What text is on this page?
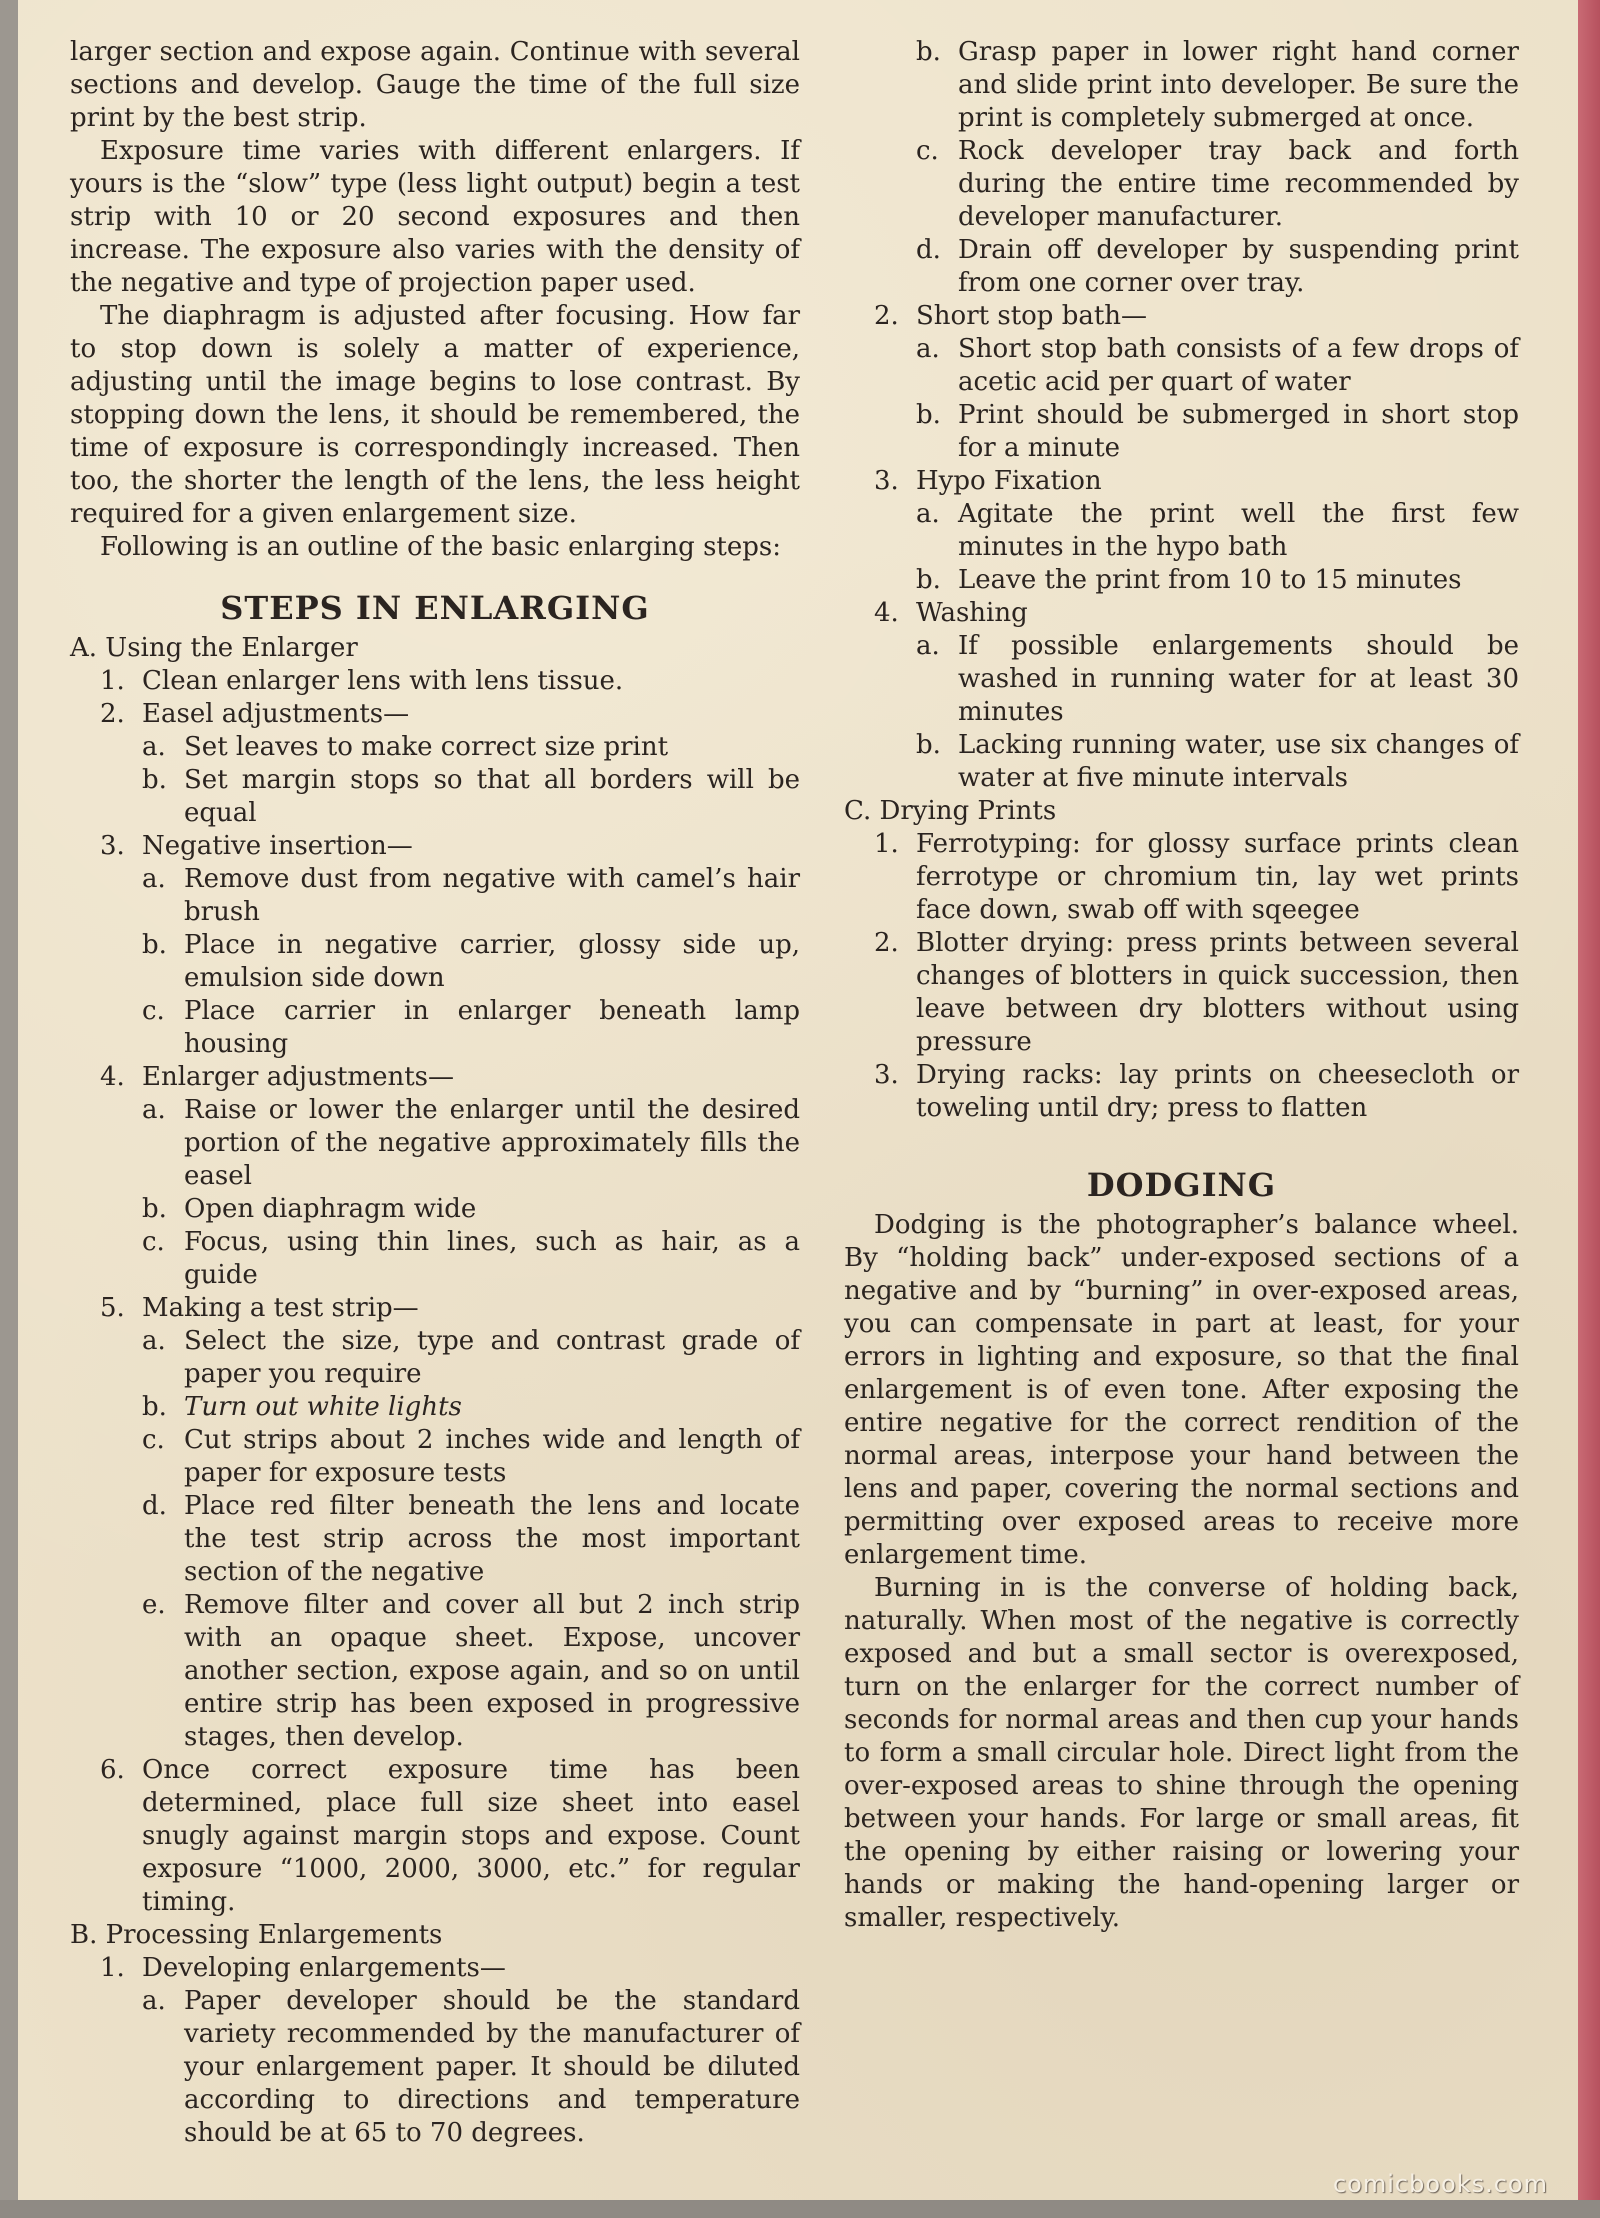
larger section and expose again. Continue with several sections and develop. Gauge the time of the full size print by the best strip.

Exposure time varies with different enlargers. If yours is the “slow” type (less light output) begin a test strip with 10 or 20 second exposures and then increase. The exposure also varies with the density of the negative and type of projection paper used.

The diaphragm is adjusted after focusing. How far to stop down is solely a matter of experience, adjusting until the image begins to lose contrast. By stopping down the lens, it should be remembered, the time of exposure is correspondingly increased. Then too, the shorter the length of the lens, the less height required for a given enlargement size.

Following is an outline of the basic enlarging steps:

STEPS IN ENLARGING
A. Using the Enlarger
1. Clean enlarger lens with lens tissue.
2. Easel adjustments—
a. Set leaves to make correct size print
b. Set margin stops so that all borders will be equal
3. Negative insertion—
a. Remove dust from negative with camel’s hair brush
b. Place in negative carrier, glossy side up, emulsion side down
c. Place carrier in enlarger beneath lamp housing
4. Enlarger adjustments—
a. Raise or lower the enlarger until the desired portion of the negative approximately fills the easel
b. Open diaphragm wide
c. Focus, using thin lines, such as hair, as a guide
5. Making a test strip—
a. Select the size, type and contrast grade of paper you require
b. Turn out white lights
c. Cut strips about 2 inches wide and length of paper for exposure tests
d. Place red filter beneath the lens and locate the test strip across the most important section of the negative
e. Remove filter and cover all but 2 inch strip with an opaque sheet. Expose, uncover another section, expose again, and so on until entire strip has been exposed in progressive stages, then develop.
6. Once correct exposure time has been determined, place full size sheet into easel snugly against margin stops and expose. Count exposure “1000, 2000, 3000, etc.” for regular timing.
B. Processing Enlargements
1. Developing enlargements—
a. Paper developer should be the standard variety recommended by the manufacturer of your enlargement paper. It should be diluted according to directions and temperature should be at 65 to 70 degrees.
b. Grasp paper in lower right hand corner and slide print into developer. Be sure the print is completely submerged at once.
c. Rock developer tray back and forth during the entire time recommended by developer manufacturer.
d. Drain off developer by suspending print from one corner over tray.
2. Short stop bath—
a. Short stop bath consists of a few drops of acetic acid per quart of water
b. Print should be submerged in short stop for a minute
3. Hypo Fixation
a. Agitate the print well the first few minutes in the hypo bath
b. Leave the print from 10 to 15 minutes
4. Washing
a. If possible enlargements should be washed in running water for at least 30 minutes
b. Lacking running water, use six changes of water at five minute intervals
C. Drying Prints
1. Ferrotyping: for glossy surface prints clean ferrotype or chromium tin, lay wet prints face down, swab off with sqeegee
2. Blotter drying: press prints between several changes of blotters in quick succession, then leave between dry blotters without using pressure
3. Drying racks: lay prints on cheesecloth or toweling until dry; press to flatten
DODGING

Dodging is the photographer’s balance wheel. By “holding back” under-exposed sections of a negative and by “burning” in over-exposed areas, you can compensate in part at least, for your errors in lighting and exposure, so that the final enlargement is of even tone. After exposing the entire negative for the correct rendition of the normal areas, interpose your hand between the lens and paper, covering the normal sections and permitting over exposed areas to receive more enlargement time.

Burning in is the converse of holding back, naturally. When most of the negative is correctly exposed and but a small sector is overexposed, turn on the enlarger for the correct number of seconds for normal areas and then cup your hands to form a small circular hole. Direct light from the over-exposed areas to shine through the opening between your hands. For large or small areas, fit the opening by either raising or lowering your hands or making the hand-opening larger or smaller, respectively.

comicbooks.com
